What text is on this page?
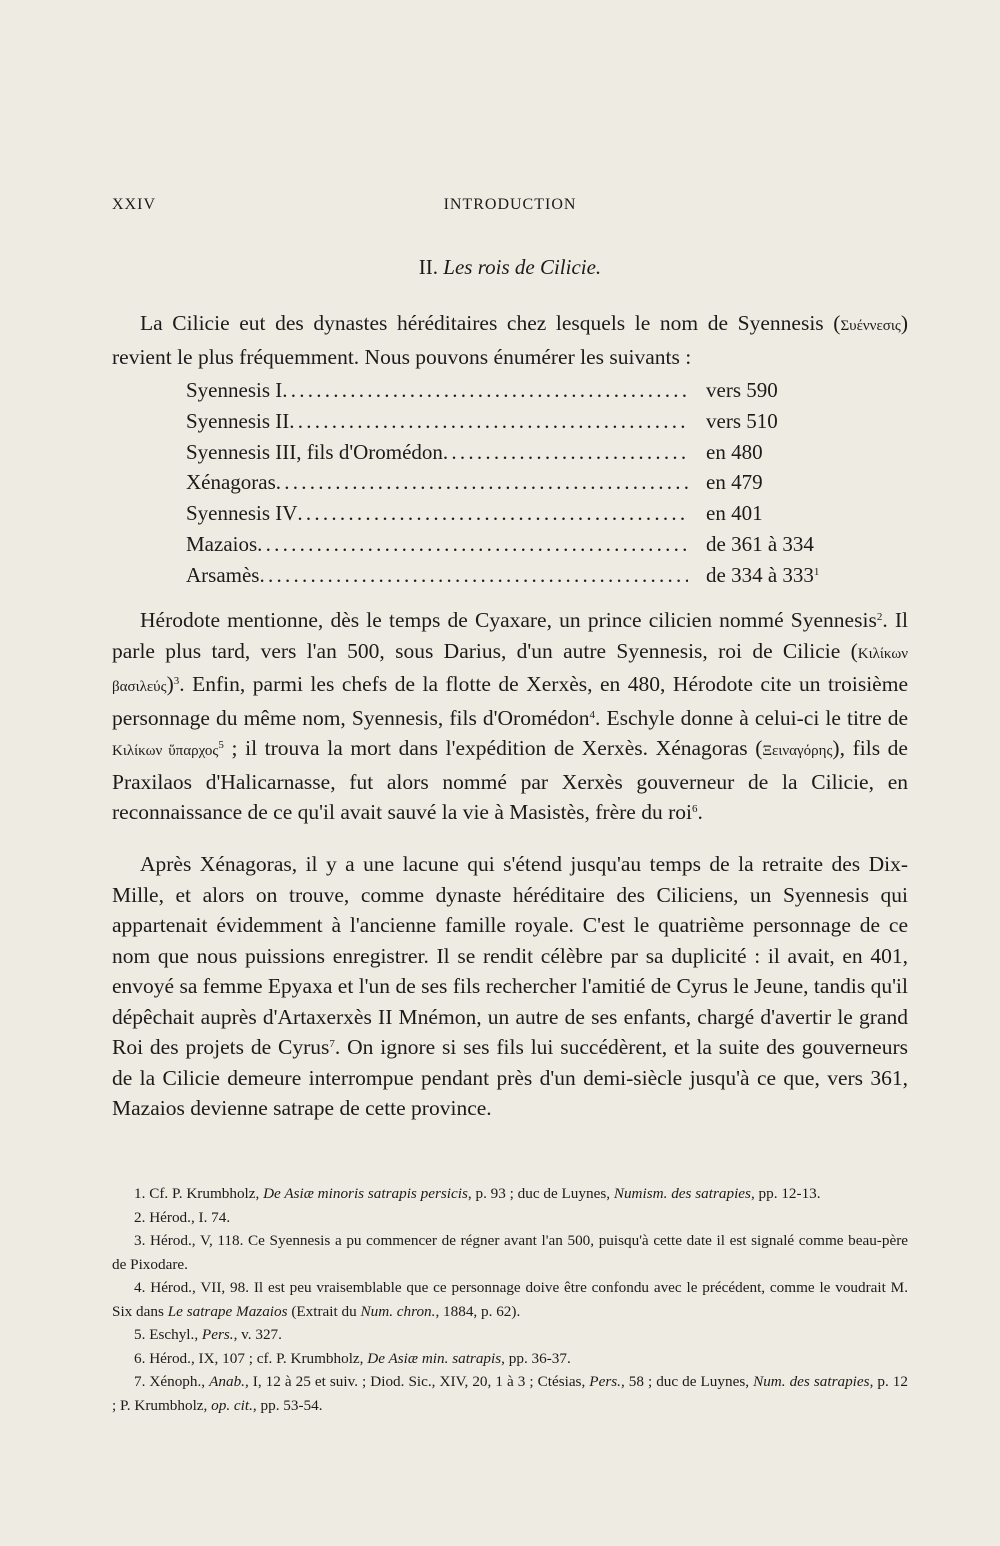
XXIV	INTRODUCTION
II. Les rois de Cilicie.

La Cilicie eut des dynastes héréditaires chez lesquels le nom de Syennesis (Συέννεσις) revient le plus fréquemment. Nous pouvons énumérer les suivants :

Syennesis I . . .	vers 590
Syennesis II . . .	vers 510
Syennesis III, fils d'Oromédon . . .	en 480
Xénagoras . . .	en 479
Syennesis IV . . .	en 401
Mazaios . . .	de 361 à 334
Arsamès . . .	de 334 à $333^1$

Hérodote mentionne, dès le temps de Cyaxare, un prince cilicien nommé Syennesis$^2$. Il parle plus tard, vers l'an 500, sous Darius, d'un autre Syennesis, roi de Cilicie (Κιλίκων βασιλεύς)$^3$. Enfin, parmi les chefs de la flotte de Xerxès, en 480, Hérodote cite un troisième personnage du même nom, Syennesis, fils d'Oromédon$^4$. Eschyle donne à celui-ci le titre de Κιλίκων ὕπαρχος$^5$ ; il trouva la mort dans l'expédition de Xerxès. Xénagoras (Ξειναγόρης), fils de Praxilaos d'Halicarnasse, fut alors nommé par Xerxès gouverneur de la Cilicie, en reconnaissance de ce qu'il avait sauvé la vie à Masistès, frère du roi$^6$.

Après Xénagoras, il y a une lacune qui s'étend jusqu'au temps de la retraite des Dix-Mille, et alors on trouve, comme dynaste héréditaire des Ciliciens, un Syennesis qui appartenait évidemment à l'ancienne famille royale. C'est le quatrième personnage de ce nom que nous puissions enregistrer. Il se rendit célèbre par sa duplicité : il avait, en 401, envoyé sa femme Epyaxa et l'un de ses fils rechercher l'amitié de Cyrus le Jeune, tandis qu'il dépêchait auprès d'Artaxerxès II Mnémon, un autre de ses enfants, chargé d'avertir le grand Roi des projets de Cyrus$^7$. On ignore si ses fils lui succédèrent, et la suite des gouverneurs de la Cilicie demeure interrompue pendant près d'un demi-siècle jusqu'à ce que, vers 361, Mazaios devienne satrape de cette province.

1. Cf. P. Krumbholz, De Asiæ minoris satrapis persicis, p. 93 ; duc de Luynes, Numism. des satrapies, pp. 12-13.

2. Hérod., I. 74.

3. Hérod., V, 118. Ce Syennesis a pu commencer de régner avant l'an 500, puisqu'à cette date il est signalé comme beau-père de Pixodare.

4. Hérod., VII, 98. Il est peu vraisemblable que ce personnage doive être confondu avec le précédent, comme le voudrait M. Six dans Le satrape Mazaios (Extrait du Num. chron., 1884, p. 62).

5. Eschyl., Pers., v. 327.

6. Hérod., IX, 107 ; cf. P. Krumbholz, De Asiæ min. satrapis, pp. 36-37.

7. Xénoph., Anab., I, 12 à 25 et suiv. ; Diod. Sic., XIV, 20, 1 à 3 ; Ctésias, Pers., 58 ; duc de Luynes, Num. des satrapies, p. 12 ; P. Krumbholz, op. cit., pp. 53-54.
